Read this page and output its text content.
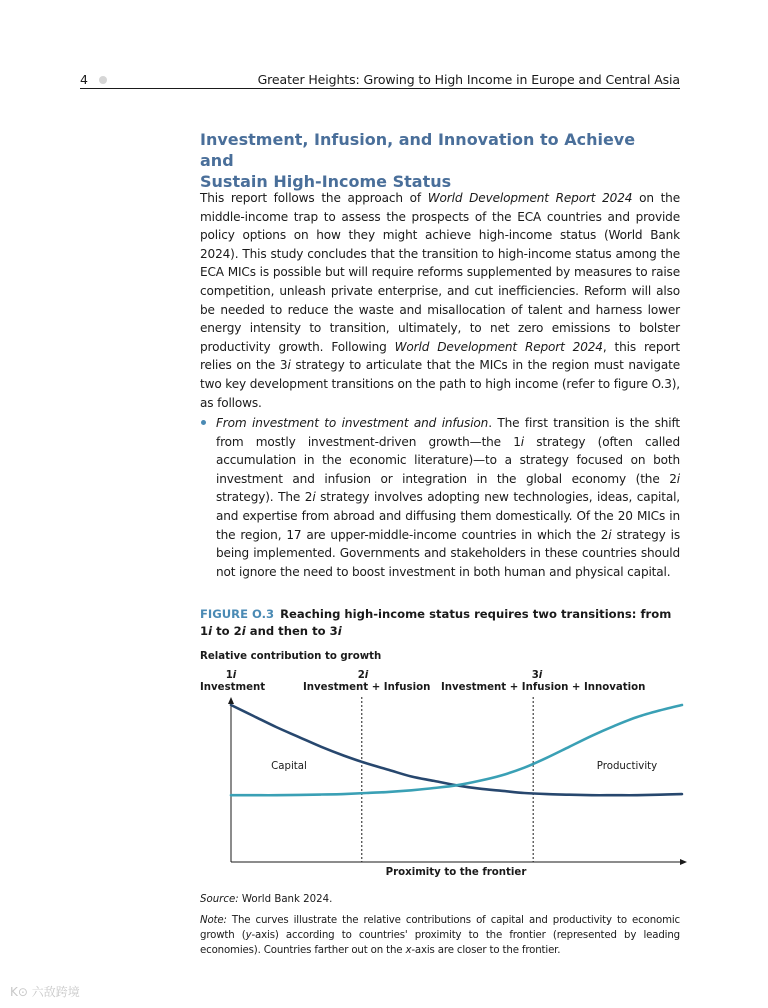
4	Greater Heights: Growing to High Income in Europe and Central Asia
Investment, Infusion, and Innovation to Achieve and
Sustain High-Income Status

This report follows the approach of World Development Report 2024 on the middle-income trap to assess the prospects of the ECA countries and provide policy options on how they might achieve high-income status (World Bank 2024). This study concludes that the transition to high-income status among the ECA MICs is possible but will require reforms supplemented by measures to raise competition, unleash private enterprise, and cut inefficiencies. Reform will also be needed to reduce the waste and misallocation of talent and harness lower energy intensity to transition, ultimately, to net zero emissions to bolster productivity growth. Following World Development Report 2024, this report relies on the 3i strategy to articulate that the MICs in the region must navigate two key development transitions on the path to high income (refer to figure O.3), as follows.

From investment to investment and infusion. The first transition is the shift from mostly investment-driven growth—the 1i strategy (often called accumulation in the economic literature)—to a strategy focused on both investment and infusion or integration in the global economy (the 2i strategy). The 2i strategy involves adopting new technologies, ideas, capital, and expertise from abroad and diffusing them domestically. Of the 20 MICs in the region, 17 are upper-middle-income countries in which the 2i strategy is being implemented. Governments and stakeholders in these countries should not ignore the need to boost investment in both human and physical capital.

FIGURE O.3 Reaching high-income status requires two transitions: from 1i to 2i and then to 3i

Relative contribution to growth
1i
Investment
2i
Investment + Infusion
3i
Investment + Infusion + Innovation
Capital	Productivity
Proximity to the frontier
Source: World Bank 2024.

Note: The curves illustrate the relative contributions of capital and productivity to economic growth (y-axis) according to countries' proximity to the frontier (represented by leading economies). Countries farther out on the x-axis are closer to the frontier.

K⊙ 六敌跨境
